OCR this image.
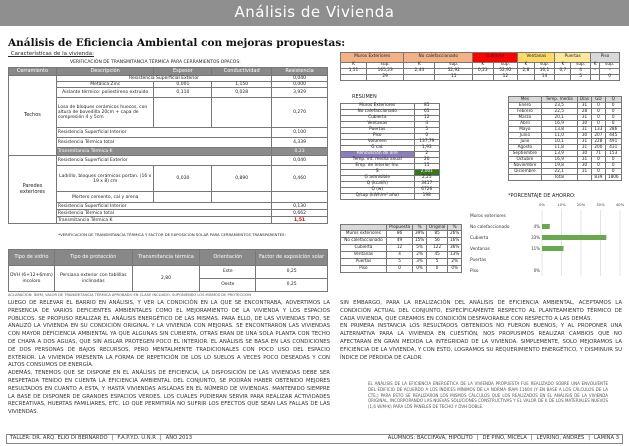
Análisis de Vivienda
Análisis de Eficiencia Ambiental con mejoras propuestas:
_Características de la vivienda:
VERIFICACIÓN DE TRANSMITANCIA TÉRMICA PARA CERRAMIENTOS OPACOS:
Cerramiento	Descripción	Espesor	Conductividad	Resistencia
Techos	Resistencia Superficial Exterior			0,040
	Metálica Zinc	0,001	1,150	0,000
	Aislante térmico: poliestireno extruido	0,110	0,028	3,929
	Losa de bloques cerámicos huecos, con altura de bovedilla 20cm + capa de compresión 4 y 5cm			0,270
	Resistencia Superficial Interior			0,100
	Resistencia Térmica total			4,339
	Transmitancia Térmica K			0,23
Paredes exteriores	Resistencia Superficial Exterior			0,040
	Ladrillo, bloques cerámicos portan. (16 x 19 x 8) cm	0,030	0,890	0,460
	Mortero cemento, cal y arena			
	Resistencia Superficial Interior			0,130
	Resistencia Térmica total			0,662
	Transmitancia Térmica K			1,51
*VERIFICACIÓN DE TRANSMITANCIA TÉRMICA Y FACTOR DE EXPOSICIÓN SOLAR PARA CERRAMIENTOS TRANSPARENTES:
Tipo de vidrio	Tipo de protección	Transmitancia térmica	Orientación	Factor de exposición solar
DVH (6+12+6mm) incoloro	Persiana exterior con tablillas inclinadas	2,80	Este	0,25
			Oeste	0,25
ACLARACIÓN: ÍDEM, VALOR DE TRANSMITANCIA TÉRMICA APROBADO EN CLASE INCLUIDO, SUPONIENDO LOS MISMOS DE PROTECCIÓN

LUEGO DE RELEVAR EL BARRIO EN ANÁLISIS, Y VER LA CONDICIÓN EN LA QUE SE ENCONTRABA, ADVERTIMOS LA PRESENCIA DE VARIOS DEFICIENTES AMBIENTALES COMO EL MEJORAMIENTO DE LA VIVIENDA Y LOS ESPACIOS PÚBLICOS. SE PROPUSO REALIZAR EL ANÁLISIS ENERGÉTICO DE LAS MISMAS. PARA ELLO, DE LAS VIVIENDAS TIPO, SE ANALIZÓ LA VIVIENDA EN SU CONDICIÓN ORIGINAL Y LA VIVIENDA CON MEJORAS. SE ENCONTRARON LAS VIVIENDAS CON MAYOR DEFICIENCIA AMBIENTAL YA QUE ALGUNAS SIN CUBIERTA, OTRAS ERAN DE UNA SOLA PLANTA CON TECHO DE CHAPA A DOS AGUAS, QUE SIN AISLAR PROTEGEN POCO EL INTERIOR. EL ANÁLISIS SE BASA EN LAS CONDICIONES DE DOS PERSONAS DE BAJOS RECURSOS, PERO MENTALMENTE TRADICIONALES CON POCO USO DEL ESPACIO EXTERIOR. LA VIVIENDA PRESENTA LA FORMA DE REPETICIÓN DE LOS LO SUELOS A VECES POCO DESEADAS Y CON ALTOS CONSUMOS DE ENERGÍA.

ADEMÁS, TENEMOS QUE SE DISPONE EN EL ANÁLISIS DE EFICIENCIA, LA DISPOSICIÓN DE LAS VIVIENDAS DEBE SER RESPETADA TENIDO EN CUENTA LA EFICIENCIA AMBIENTAL DEL CONJUNTO, SE PODRÁN HABER OBTENIDO MEJORES RESULTADOS EN CUANTO A ESTA, Y HASTA VIVIENDAS AISLADAS EN EL NÚMERO DE VIVIENDAS. MANTENIDO SIEMPRE LA BASE DE DISPONER DE GRANDES ESPACIOS VERDES. LOS CUALES PUDIERAN SERVIR PARA REALIZAR ACTIVIDADES RECREATIVAS, HUERTAS FAMILIARES, ETC. LO QUE PERMITIRÍA NO SUFRIR LOS EFECTOS QUE SEAN LAS FALLAS DE LAS VIVIENDAS.

Muros Exteriores		No calefaccionado		Cubierta		Ventanas		Puertas		Piso	
K	sup.	K	sup.	K	sup.	K	sup.	K	sup.	K	sup.
1,51	165,23	2,44	52,92	0,23	52,92	2,8	16,1	0,7	4	–	–
	29		15		12		14		5		0
RESUMEN
Muros Exteriores	85
No calefaccionado	65
Cubierta	12
Ventanas	4
Puertas	5
Piso	0
Volumen	137,79
G cal.	1,93
Renovación de aire	2
Temp. int. media anual	20
Emp. de Interior Inv.	15
S	2,001
G admisible	2,25
Q (kcal/h)	3417
Q (w)	6726
Q/sup (kWh/m² año)	198
Mes	Temp. media	Días	GD	Q
Enero	23,5	31	0	0
Febrero	22,5	28	0	0
Marzo	20,1	31	0	0
Abril	16,9	30	0	0
Mayo	13,8	31	133	286
Junio	11,0	30	207	445
Julio	10,1	31	228	491
Agosto	11,8	31	200	431
Septiembre	13,9	30	71	153
Octubre	16,9	31	0	0
Noviembre	19,8	30	0	0
Diciembre	22,1	31	0	0
	Total		839	1806
	Propuesta	%	Original	%
Muros exteriores	86	39%	85	26%
No calefaccionado	49	15%	56	16%
Cubierta	12	5%	122	36%
Ventanas	4	2%	45	13%
Puertas	5	3%	5	2%
Piso	0	0%	0	0%
*PORCENTAJE DE AHORRO:
0%	10%	20%	30%	40%
Muros exteriores
No calefaccionado	4%
Cubierta	33%
Ventanas	11%
Puertas
Piso	0%

SIN EMBARGO, PARA LA REALIZACIÓN DEL ANÁLISIS DE EFICIENCIA AMBIENTAL, ACEPTAMOS LA CONDICIÓN ACTUAL DEL CONJUNTO, ESPECÍFICAMENTE RESPECTO AL PLANTEAMIENTO TÉRMICO DE CADA VIVIENDA, QUE CREAMOS EN CONDICIÓN DESFAVORABLE CON RESPECTO A LAS DEMÁS.

EN PRIMERA INSTANCIA LOS RESULTADOS OBTENIDOS NO FUERON BUENOS, Y AL PROPONER UNA ALTERNATIVA PARA LA VIVIENDA EN CUESTIÓN, NOS PROPUSIMOS REALIZAR CAMBIOS QUE NO AFECTARAN EN GRAN MEDIDA LA INTEGRIDAD DE LA VIVIENDA. SIMPLEMENTE, SOLO MEJORAMOS LA EFICIENCIA DE LA VIVIENDA, Y CON ESTO, LOGRAMOS SU REQUERIMIENTO ENERGÉTICO, Y DISMINUIR SU ÍNDICE DE PÉRDIDA DE CALOR.

EL ANÁLISIS DE LA EFICIENCIA ENERGÉTICA DE LA VIVIENDA PROPUESTA FUE REALIZADO SOBRE UNA ENVOLVENTE DEL EDIFICIO DE ACUERDO A LOS ÍNDICES MÍNIMOS DE LA NORMA IRAM 11604 (Y EN BASE A LOS CÁLCULOS DE LA CTE.) PARA ESTO SE REALIZARON LOS MISMOS CÁLCULOS QUE LOS REALIZADOS EN EL ANÁLISIS DE LA VIVIENDA ORIGINAL, INCORPORANDO LAS NUEVAS SOLUCIONES CONSTRUCTIVAS Y EL VALOR DE K DE LOS MATERIALES NUEVOS (1,6 W/M²K) PARA LOS PANELES DE TECHO Y DVH DOBLE.
TALLER: DR. ARQ. ELIO DI BERNARDO | F.A.P.Y.D. U.N.R | AÑO 2013	ALUMNOS: BACCIFAVA, HIPÓLITO | DE PINO, MICELA | LEVRINO, ANDRÉS | LÁMINA 3
